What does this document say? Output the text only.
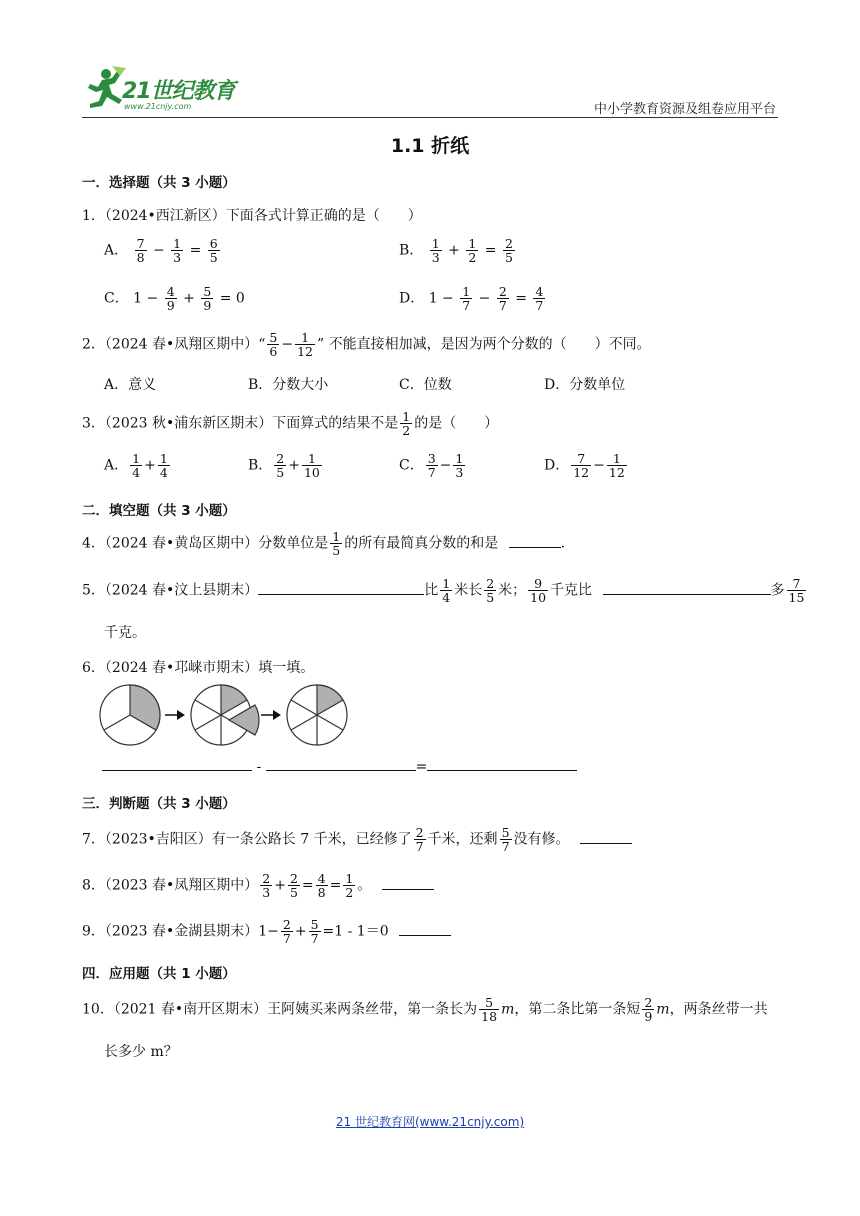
21世纪教育
www.21cnjy.com	中小学教育资源及组卷应用平台
1.1 折纸
一．选择题（共 3 小题）
1．（2024•西江新区）下面各式计算正确的是（　　）
A． $\frac{7}{8} - \frac{1}{3} = \frac{6}{5}$	B． $\frac{1}{3} + \frac{1}{2} = \frac{2}{5}$
C． $1 - \frac{4}{9} + \frac{5}{9} = 0$	D． $1 - \frac{1}{7} - \frac{2}{7} = \frac{4}{7}$
2．（2024 春•凤翔区期中）“ $\frac{5}{6} - \frac{1}{12}$ ” 不能直接相加减，是因为两个分数的（　　）不同。
A．意义	B．分数大小	C．位数	D．分数单位
3．（2023 秋•浦东新区期末）下面算式的结果不是 $\frac{1}{2}$ 的是（　　）
A． $\frac{1}{4} + \frac{1}{4}$	B． $\frac{2}{5} + \frac{1}{10}$	C． $\frac{3}{7} - \frac{1}{3}$	D． $\frac{7}{12} - \frac{1}{12}$
二．填空题（共 3 小题）
4．（2024 春•黄岛区期中）分数单位是 $\frac{1}{5}$ 的所有最简真分数的和是	．
5．（2024 春•汶上县期末）	比 $\frac{1}{4}$ 米长 $\frac{2}{5}$ 米； $\frac{9}{10}$ 千克比	多 $\frac{7}{15}$
千克。
6．（2024 春•邛崃市期末）填一填。
-	=
三．判断题（共 3 小题）
7．（2023•吉阳区）有一条公路长 7 千米，已经修了 $\frac{2}{7}$ 千米，还剩 $\frac{5}{7}$ 没有修。
8．（2023 春•凤翔区期中） $\frac{2}{3} + \frac{2}{5} = \frac{4}{8} = \frac{1}{2}$ 。
9．（2023 春•金湖县期末）$1- \frac{2}{7} + \frac{5}{7} =1 - 1=0$
四．应用题（共 1 小题）
10．（2021 春•南开区期末）王阿姨买来两条丝带，第一条长为 $\frac{5}{18}$ m，第二条比第一条短 $\frac{2}{9}$ m，两条丝带一共
长多少 m？
21 世纪教育网(www.21cnjy.com)
